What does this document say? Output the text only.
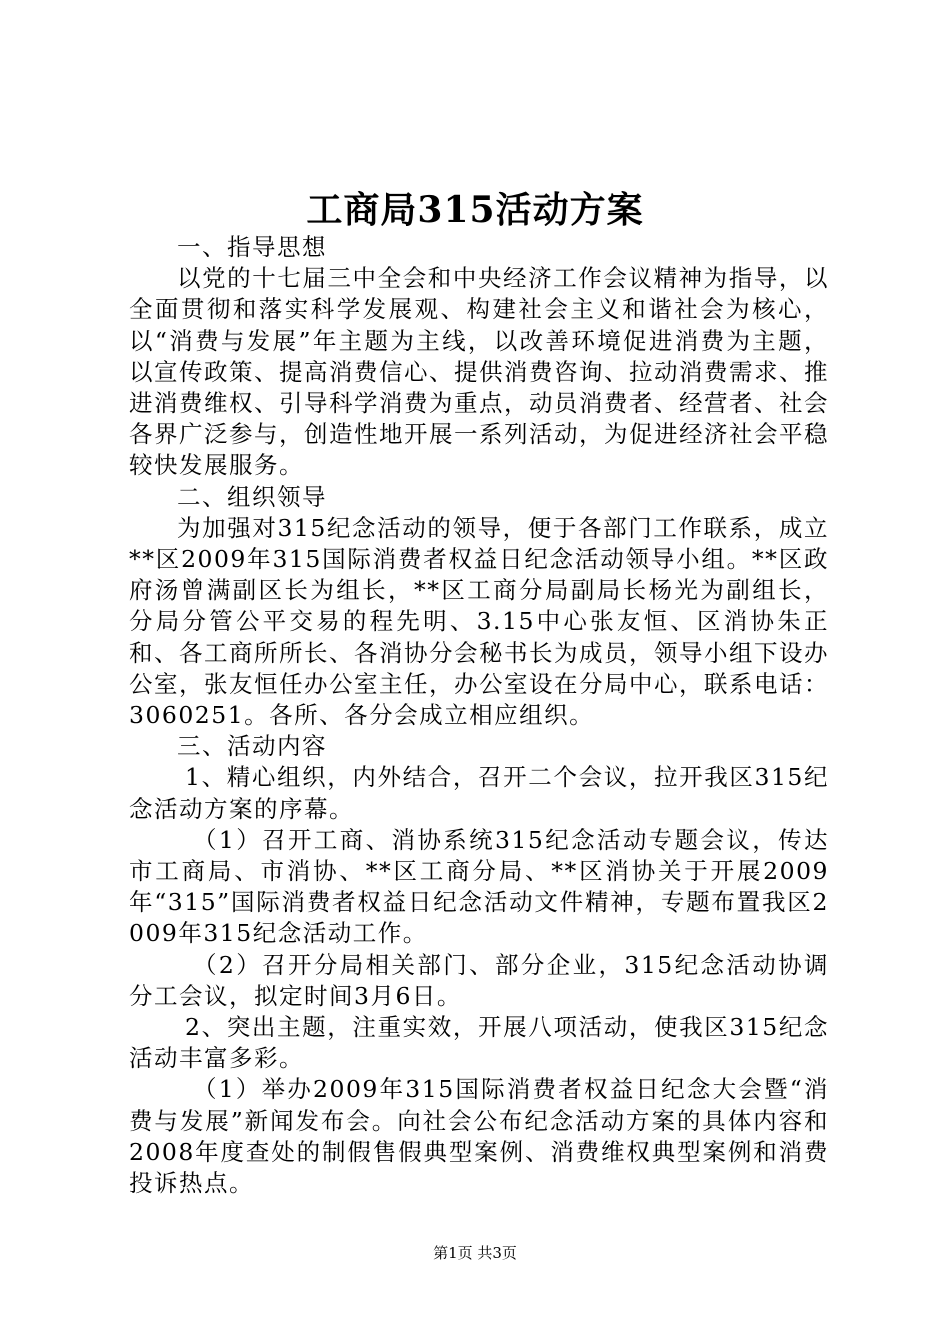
工商局315活动方案

一、指导思想

以党的十七届三中全会和中央经济工作会议精神为指导，以全面贯彻和落实科学发展观、构建社会主义和谐社会为核心，以“消费与发展”年主题为主线，以改善环境促进消费为主题，以宣传政策、提高消费信心、提供消费咨询、拉动消费需求、推进消费维权、引导科学消费为重点，动员消费者、经营者、社会各界广泛参与，创造性地开展一系列活动，为促进经济社会平稳较快发展服务。

二、组织领导

为加强对315纪念活动的领导，便于各部门工作联系，成立**区2009年315国际消费者权益日纪念活动领导小组。**区政府汤曾满副区长为组长，**区工商分局副局长杨光为副组长，分局分管公平交易的程先明、3.15中心张友恒、区消协朱正和、各工商所所长、各消协分会秘书长为成员，领导小组下设办公室，张友恒任办公室主任，办公室设在分局中心，联系电话：3060251。各所、各分会成立相应组织。

三、活动内容

1、精心组织，内外结合，召开二个会议，拉开我区315纪念活动方案的序幕。

（1）召开工商、消协系统315纪念活动专题会议，传达市工商局、市消协、**区工商分局、**区消协关于开展2009年“315”国际消费者权益日纪念活动文件精神，专题布置我区2009年315纪念活动工作。

（2）召开分局相关部门、部分企业，315纪念活动协调分工会议，拟定时间3月6日。

2、突出主题，注重实效，开展八项活动，使我区315纪念活动丰富多彩。

（1）举办2009年315国际消费者权益日纪念大会暨“消费与发展”新闻发布会。向社会公布纪念活动方案的具体内容和2008年度查处的制假售假典型案例、消费维权典型案例和消费投诉热点。

第1页 共3页
